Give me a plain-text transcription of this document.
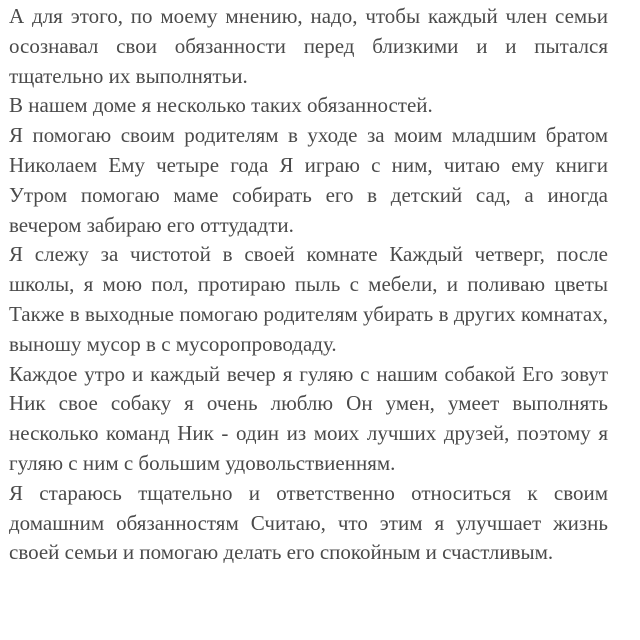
А для этого, по моему мнению, надо, чтобы каждый член семьи осознавал свои обязанности перед близкими и и пытался тщательно их выполнятьи.

В нашем доме я несколько таких обязанностей.

Я помогаю своим родителям в уходе за моим младшим братом Николаем Ему четыре года Я играю с ним, читаю ему книги Утром помогаю маме собирать его в детский сад, а иногда вечером забираю его оттудадти.

Я слежу за чистотой в своей комнате Каждый четверг, после школы, я мою пол, протираю пыль с мебели, и поливаю цветы Также в выходные помогаю родителям убирать в других комнатах, выношу мусор в с мусоропроводаду.

Каждое утро и каждый вечер я гуляю с нашим собакой Его зовут Ник свое собаку я очень люблю Он умен, умеет выполнять несколько команд Ник - один из моих лучших друзей, поэтому я гуляю с ним с большим удовольствиенням.

Я стараюсь тщательно и ответственно относиться к своим домашним обязанностям Считаю, что этим я улучшает жизнь своей семьи и помогаю делать его спокойным и счастливым.
